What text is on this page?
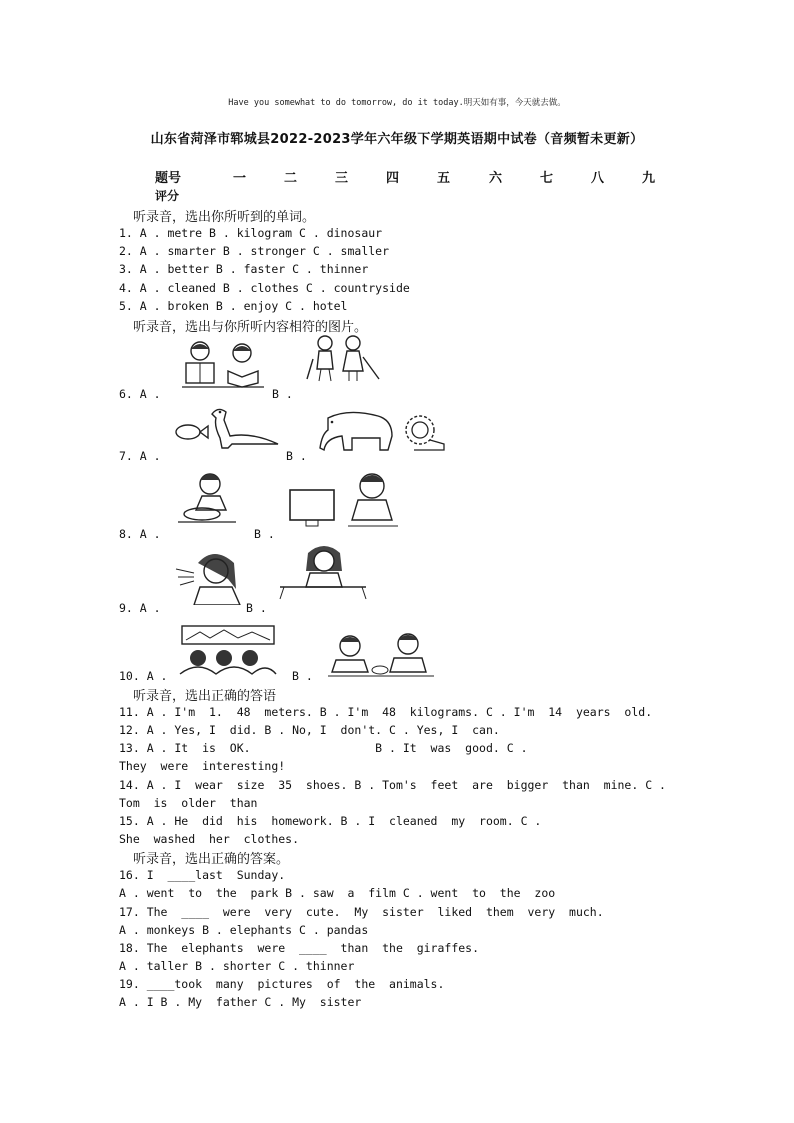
Have you somewhat to do tomorrow, do it today.明天如有事，今天就去做。
山东省菏泽市郓城县2022-2023学年六年级下学期英语期中试卷（音频暂未更新）
题号	一	二	三	四	五	六	七	八	九
评分
听录音，选出你所听到的单词。
1. A . metre B . kilogram C . dinosaur
2. A . smarter B . stronger C . smaller
3. A . better B . faster C . thinner
4. A . cleaned B . clothes C . countryside
5. A . broken B . enjoy C . hotel
听录音，选出与你所听内容相符的图片。
6. A .	B .
7. A .	B .
8. A .	B .
9. A .	B .
10. A .	B .
听录音，选出正确的答语
11. A . I'm  1.  48  meters. B . I'm  48  kilograms. C . I'm  14  years  old.
12. A . Yes, I  did. B . No, I  don't. C . Yes, I  can.
13. A . It  is  OK.                  B . It  was  good. C .
They  were  interesting!
14. A . I  wear  size  35  shoes. B . Tom's  feet  are  bigger  than  mine. C .
Tom  is  older  than
15. A . He  did  his  homework. B . I  cleaned  my  room. C .
She  washed  her  clothes.
听录音，选出正确的答案。
16. I  ____last  Sunday.
A . went  to  the  park B . saw  a  film C . went  to  the  zoo
17. The  ____  were  very  cute.  My  sister  liked  them  very  much.
A . monkeys B . elephants C . pandas
18. The  elephants  were  ____  than  the  giraffes.
A . taller B . shorter C . thinner
19. ____took  many  pictures  of  the  animals.
A . I B . My  father C . My  sister
